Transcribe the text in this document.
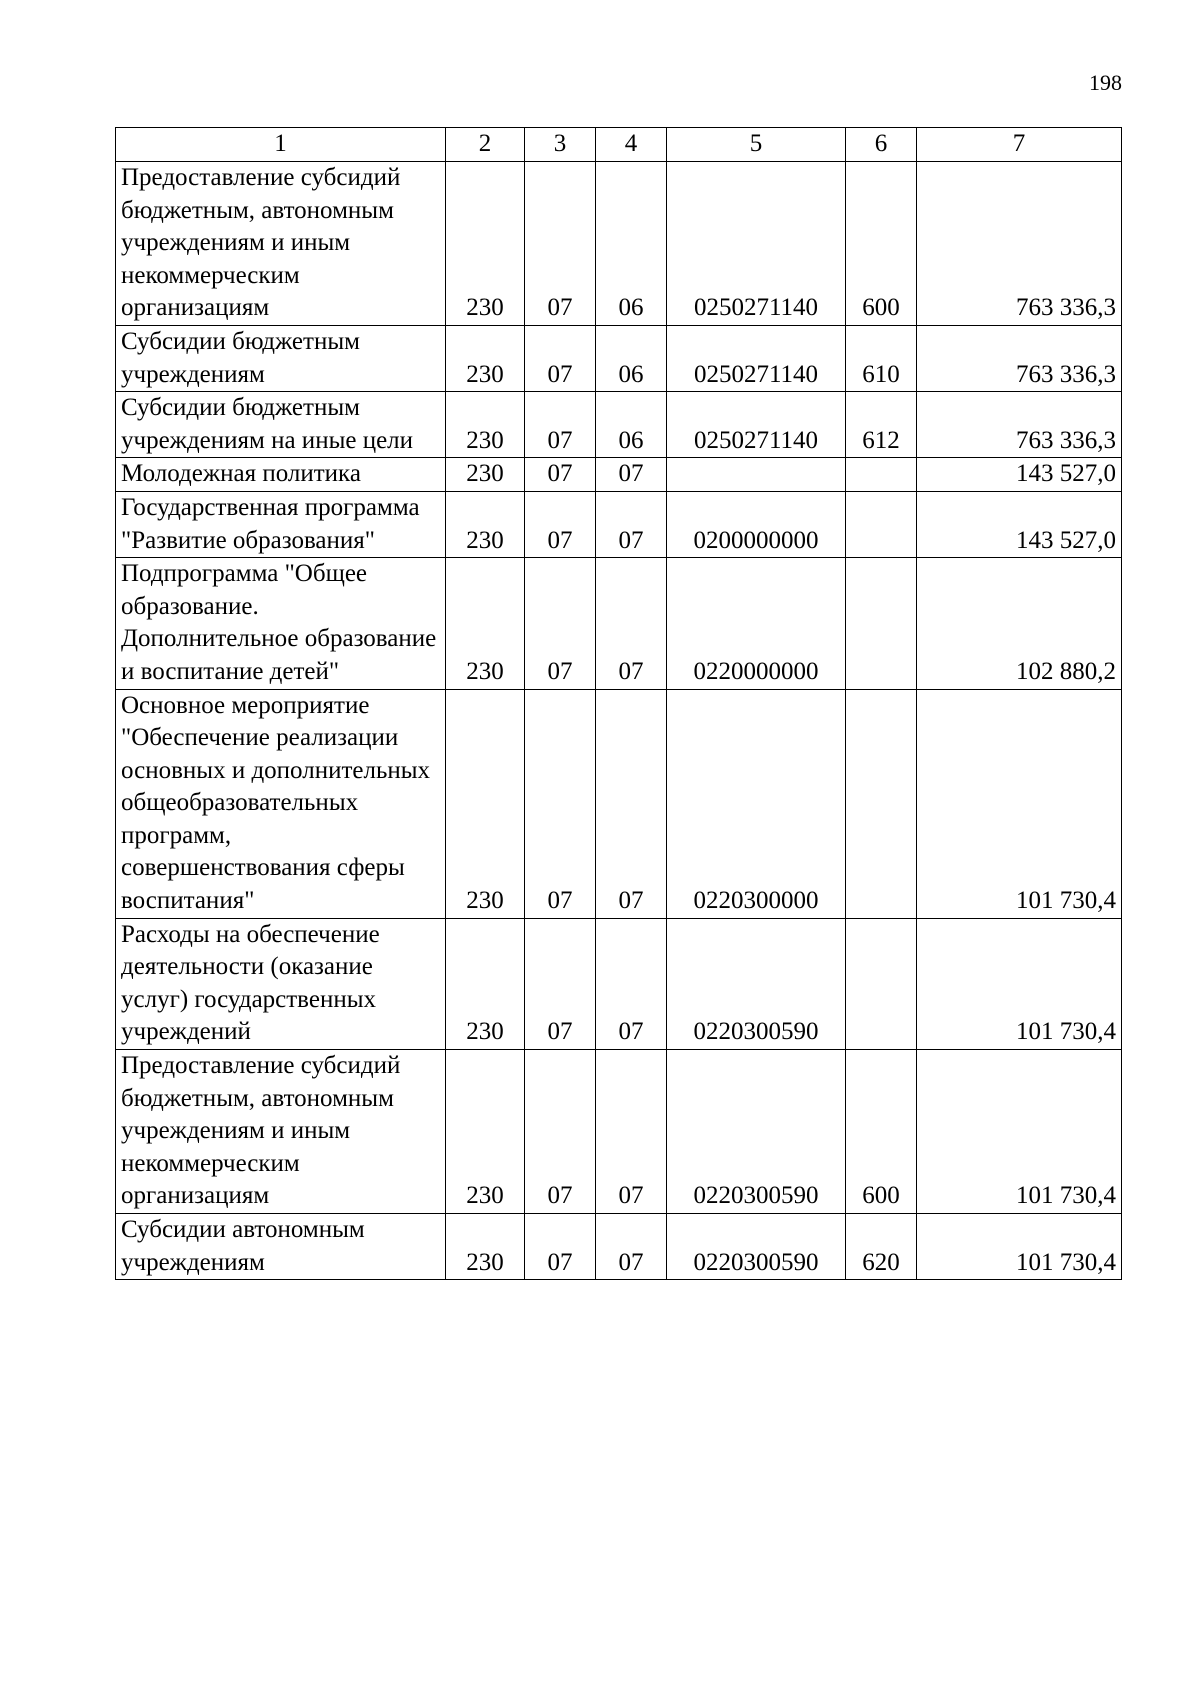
198
1	2	3	4	5	6	7
Предоставление субсидий бюджетным, автономным учреждениям и иным некоммерческим организациям	230	07	06	0250271140	600	763 336,3
Субсидии бюджетным учреждениям	230	07	06	0250271140	610	763 336,3
Субсидии бюджетным учреждениям на иные цели	230	07	06	0250271140	612	763 336,3
Молодежная политика	230	07	07			143 527,0
Государственная программа "Развитие образования"	230	07	07	0200000000		143 527,0
Подпрограмма "Общее образование. Дополнительное образование и воспитание детей"	230	07	07	0220000000		102 880,2
Основное мероприятие "Обеспечение реализации основных и дополнительных общеобразовательных программ, совершенствования сферы воспитания"	230	07	07	0220300000		101 730,4
Расходы на обеспечение деятельности (оказание услуг) государственных учреждений	230	07	07	0220300590		101 730,4
Предоставление субсидий бюджетным, автономным учреждениям и иным некоммерческим организациям	230	07	07	0220300590	600	101 730,4
Субсидии автономным учреждениям	230	07	07	0220300590	620	101 730,4
